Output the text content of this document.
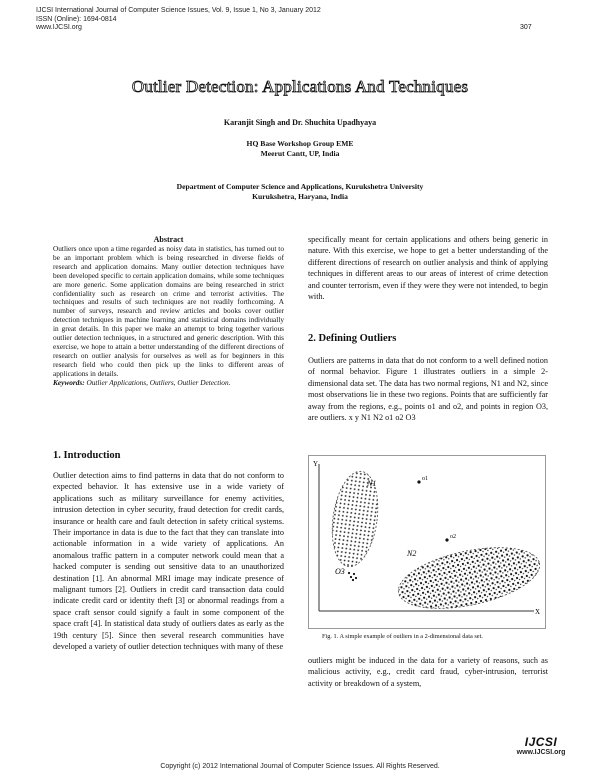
IJCSI International Journal of Computer Science Issues, Vol. 9, Issue 1, No 3, January 2012
ISSN (Online): 1694-0814
www.IJCSI.org	307
Outlier Detection: Applications And Techniques
Karanjit Singh and Dr. Shuchita Upadhyaya
HQ Base Workshop Group EME
Meerut Cantt, UP, India
Department of Computer Science and Applications, Kurukshetra University
Kurukshetra, Haryana, India
Abstract
Outliers once upon a time regarded as noisy data in statistics, has turned out to be an important problem which is being researched in diverse fields of research and application domains. Many outlier detection techniques have been developed specific to certain application domains, while some techniques are more generic. Some application domains are being researched in strict confidentiality such as research on crime and terrorist activities. The techniques and results of such techniques are not readily forthcoming. A number of surveys, research and review articles and books cover outlier detection techniques in machine learning and statistical domains individually in great details. In this paper we make an attempt to bring together various outlier detection techniques, in a structured and generic description. With this exercise, we hope to attain a better understanding of the different directions of research on outlier analysis for ourselves as well as for beginners in this research field who could then pick up the links to different areas of applications in details.
Keywords: Outlier Applications, Outliers, Outlier Detection.
1. Introduction
Outlier detection aims to find patterns in data that do not conform to expected behavior. It has extensive use in a wide variety of applications such as military surveillance for enemy activities, intrusion detection in cyber security, fraud detection for credit cards, insurance or health care and fault detection in safety critical systems. Their importance in data is due to the fact that they can translate into actionable information in a wide variety of applications. An anomalous traffic pattern in a computer network could mean that a hacked computer is sending out sensitive data to an unauthorized destination [1]. An abnormal MRI image may indicate presence of malignant tumors [2]. Outliers in credit card transaction data could indicate credit card or identity theft [3] or abnormal readings from a space craft sensor could signify a fault in some component of the space craft [4]. In statistical data study of outliers dates as early as the 19th century [5]. Since then several research communities have developed a variety of outlier detection techniques with many of these
specifically meant for certain applications and others being generic in nature. With this exercise, we hope to get a better understanding of the different directions of research on outlier analysis and think of applying techniques in different areas to our areas of interest of crime detection and counter terrorism, even if they were they were not intended, to begin with.
2. Defining Outliers
Outliers are patterns in data that do not conform to a well defined notion of normal behavior. Figure 1 illustrates outliers in a simple 2-dimensional data set. The data has two normal regions, N1 and N2, since most observations lie in these two regions. Points that are sufficiently far away from the regions, e.g., points o1 and o2, and points in region O3, are outliers. x y N1 N2 o1 o2 O3
Y
X
N1
N2
o1
o2
O3
Fig. 1. A simple example of outliers in a 2-dimensional data set.
outliers might be induced in the data for a variety of reasons, such as malicious activity, e.g., credit card fraud, cyber-intrusion, terrorist activity or breakdown of a system,
Copyright (c) 2012 International Journal of Computer Science Issues. All Rights Reserved.
IJCSI
www.IJCSI.org
